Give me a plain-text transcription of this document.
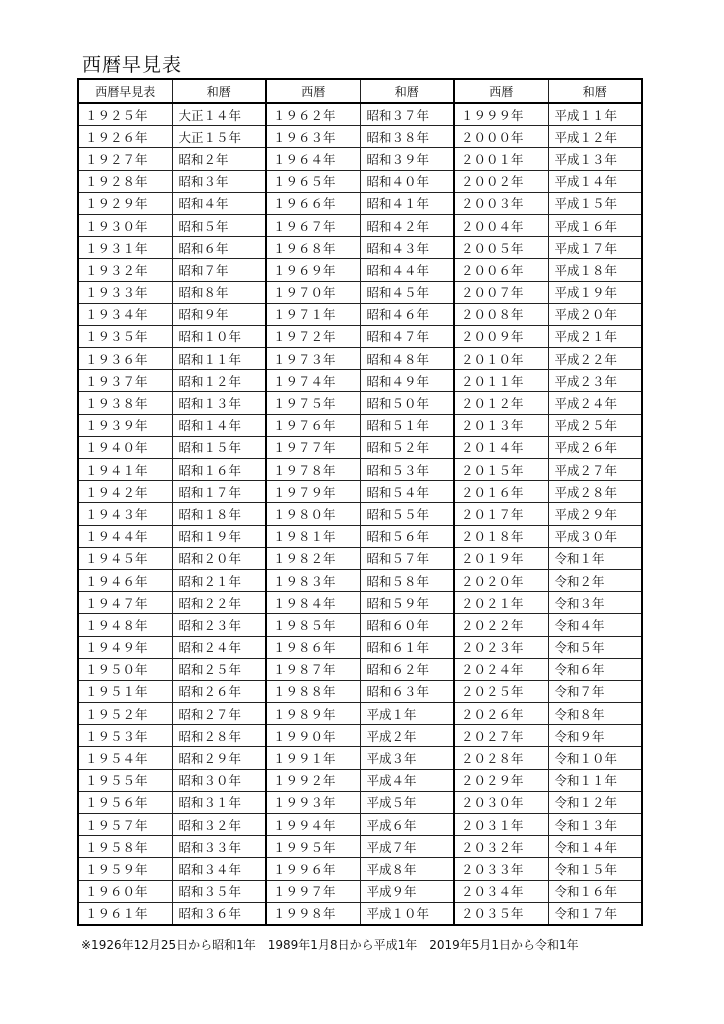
西暦早見表
西暦早見表	和暦	西暦	和暦	西暦	和暦
１９２５年	大正１４年	１９６２年	昭和３７年	１９９９年	平成１１年
１９２６年	大正１５年	１９６３年	昭和３８年	２０００年	平成１２年
１９２７年	昭和２年	１９６４年	昭和３９年	２００１年	平成１３年
１９２８年	昭和３年	１９６５年	昭和４０年	２００２年	平成１４年
１９２９年	昭和４年	１９６６年	昭和４１年	２００３年	平成１５年
１９３０年	昭和５年	１９６７年	昭和４２年	２００４年	平成１６年
１９３１年	昭和６年	１９６８年	昭和４３年	２００５年	平成１７年
１９３２年	昭和７年	１９６９年	昭和４４年	２００６年	平成１８年
１９３３年	昭和８年	１９７０年	昭和４５年	２００７年	平成１９年
１９３４年	昭和９年	１９７１年	昭和４６年	２００８年	平成２０年
１９３５年	昭和１０年	１９７２年	昭和４７年	２００９年	平成２１年
１９３６年	昭和１１年	１９７３年	昭和４８年	２０１０年	平成２２年
１９３７年	昭和１２年	１９７４年	昭和４９年	２０１１年	平成２３年
１９３８年	昭和１３年	１９７５年	昭和５０年	２０１２年	平成２４年
１９３９年	昭和１４年	１９７６年	昭和５１年	２０１３年	平成２５年
１９４０年	昭和１５年	１９７７年	昭和５２年	２０１４年	平成２６年
１９４１年	昭和１６年	１９７８年	昭和５３年	２０１５年	平成２７年
１９４２年	昭和１７年	１９７９年	昭和５４年	２０１６年	平成２８年
１９４３年	昭和１８年	１９８０年	昭和５５年	２０１７年	平成２９年
１９４４年	昭和１９年	１９８１年	昭和５６年	２０１８年	平成３０年
１９４５年	昭和２０年	１９８２年	昭和５７年	２０１９年	令和１年
１９４６年	昭和２１年	１９８３年	昭和５８年	２０２０年	令和２年
１９４７年	昭和２２年	１９８４年	昭和５９年	２０２１年	令和３年
１９４８年	昭和２３年	１９８５年	昭和６０年	２０２２年	令和４年
１９４９年	昭和２４年	１９８６年	昭和６１年	２０２３年	令和５年
１９５０年	昭和２５年	１９８７年	昭和６２年	２０２４年	令和６年
１９５１年	昭和２６年	１９８８年	昭和６３年	２０２５年	令和７年
１９５２年	昭和２７年	１９８９年	平成１年	２０２６年	令和８年
１９５３年	昭和２８年	１９９０年	平成２年	２０２７年	令和９年
１９５４年	昭和２９年	１９９１年	平成３年	２０２８年	令和１０年
１９５５年	昭和３０年	１９９２年	平成４年	２０２９年	令和１１年
１９５６年	昭和３１年	１９９３年	平成５年	２０３０年	令和１２年
１９５７年	昭和３２年	１９９４年	平成６年	２０３１年	令和１３年
１９５８年	昭和３３年	１９９５年	平成７年	２０３２年	令和１４年
１９５９年	昭和３４年	１９９６年	平成８年	２０３３年	令和１５年
１９６０年	昭和３５年	１９９７年	平成９年	２０３４年	令和１６年
１９６１年	昭和３６年	１９９８年	平成１０年	２０３５年	令和１７年
※1926年12月25日から昭和1年　1989年1月8日から平成1年　2019年5月1日から令和1年
